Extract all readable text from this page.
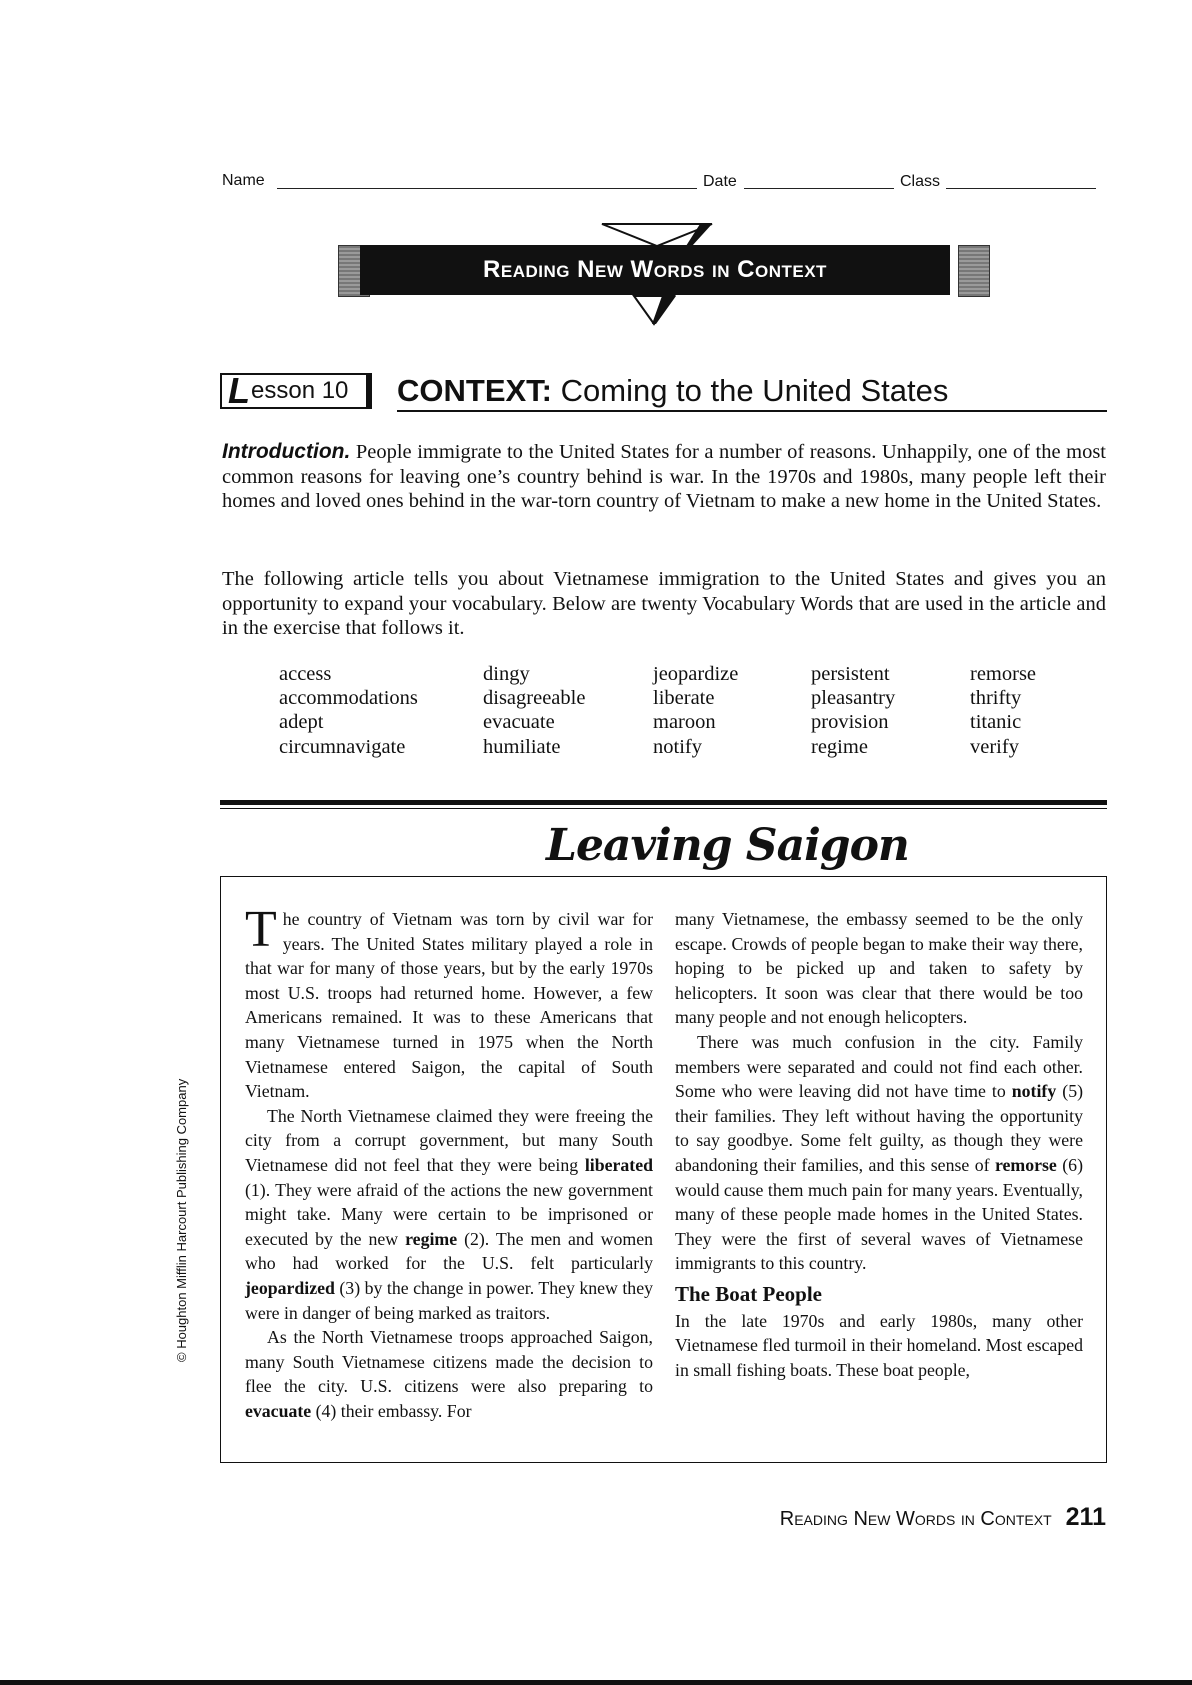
Name	Date	Class
Reading New Words in Context
L esson 10 CONTEXT: Coming to the United States
Introduction. People immigrate to the United States for a number of reasons. Unhappily, one of the most common reasons for leaving one’s country behind is war. In the 1970s and 1980s, many people left their homes and loved ones behind in the war-torn country of Vietnam to make a new home in the United States.
The following article tells you about Vietnamese immigration to the United States and gives you an opportunity to expand your vocabulary. Below are twenty Vocabulary Words that are used in the article and in the exercise that follows it.
access
accommodations
adept
circumnavigate
dingy
disagreeable
evacuate
humiliate
jeopardize
liberate
maroon
notify
persistent
pleasantry
provision
regime
remorse
thrifty
titanic
verify
Leaving Saigon

The country of Vietnam was torn by civil war for years. The United States military played a role in that war for many of those years, but by the early 1970s most U.S. troops had returned home. However, a few Americans remained. It was to these Americans that many Vietnamese turned in 1975 when the North Vietnamese entered Saigon, the capital of South Vietnam.

The North Vietnamese claimed they were freeing the city from a corrupt government, but many South Vietnamese did not feel that they were being liberated (1). They were afraid of the actions the new government might take. Many were certain to be imprisoned or executed by the new regime (2). The men and women who had worked for the U.S. felt particularly jeopardized (3) by the change in power. They knew they were in danger of being marked as traitors.

As the North Vietnamese troops approached Saigon, many South Vietnamese citizens made the decision to flee the city. U.S. citizens were also preparing to evacuate (4) their embassy. For

many Vietnamese, the embassy seemed to be the only escape. Crowds of people began to make their way there, hoping to be picked up and taken to safety by helicopters. It soon was clear that there would be too many people and not enough helicopters.

There was much confusion in the city. Family members were separated and could not find each other. Some who were leaving did not have time to notify (5) their families. They left without having the opportunity to say goodbye. Some felt guilty, as though they were abandoning their families, and this sense of remorse (6) would cause them much pain for many years. Eventually, many of these people made homes in the United States. They were the first of several waves of Vietnamese immigrants to this country.

The Boat People

In the late 1970s and early 1980s, many other Vietnamese fled turmoil in their homeland. Most escaped in small fishing boats. These boat people,

© Houghton Mifflin Harcourt Publishing Company
Reading New Words in Context 211
